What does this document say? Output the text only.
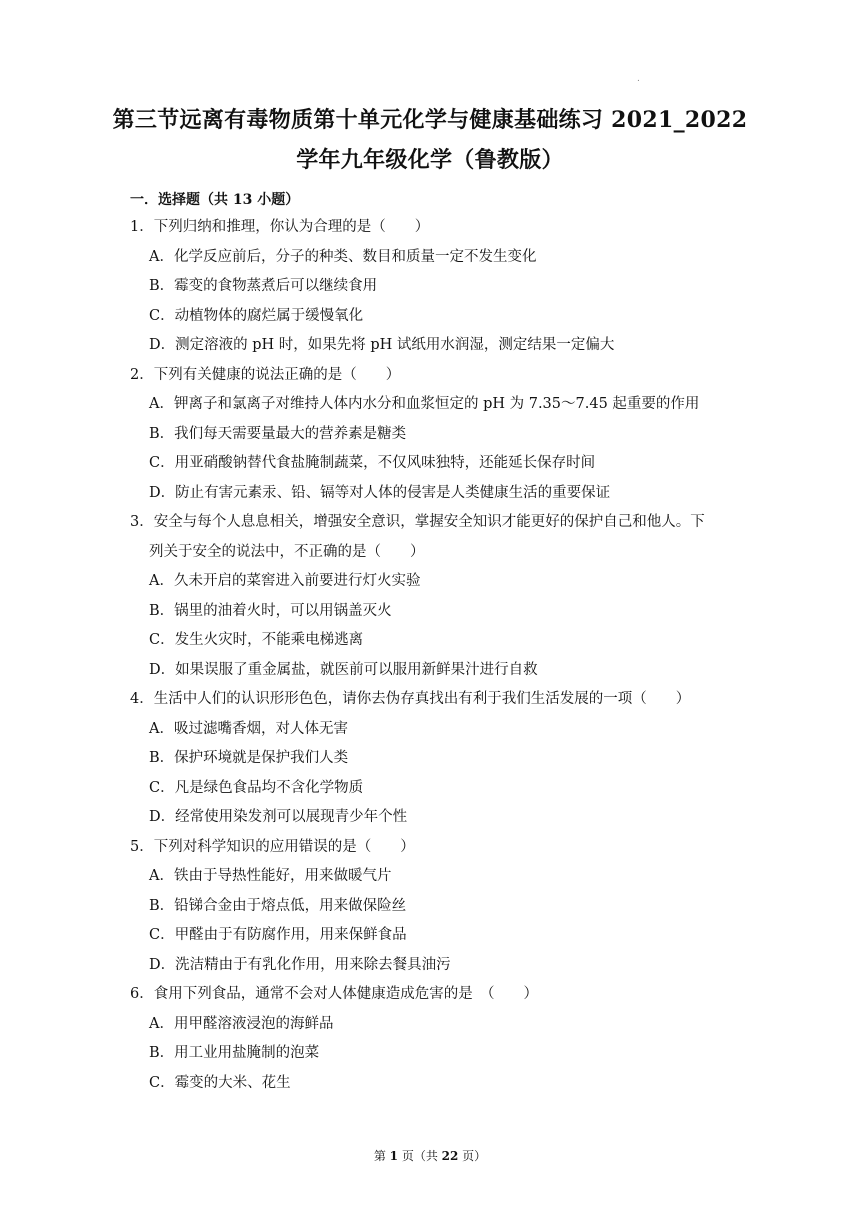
.
第三节远离有毒物质第十单元化学与健康基础练习 2021_2022
学年九年级化学（鲁教版）
一．选择题（共 13 小题）
1．下列归纳和推理，你认为合理的是（　　）
A．化学反应前后，分子的种类、数目和质量一定不发生变化
B．霉变的食物蒸煮后可以继续食用
C．动植物体的腐烂属于缓慢氧化
D．测定溶液的 pH 时，如果先将 pH 试纸用水润湿，测定结果一定偏大
2．下列有关健康的说法正确的是（　　）
A．钾离子和氯离子对维持人体内水分和血浆恒定的 pH 为 7.35～7.45 起重要的作用
B．我们每天需要量最大的营养素是糖类
C．用亚硝酸钠替代食盐腌制蔬菜，不仅风味独特，还能延长保存时间
D．防止有害元素汞、铅、镉等对人体的侵害是人类健康生活的重要保证
3．安全与每个人息息相关，增强安全意识，掌握安全知识才能更好的保护自己和他人。下
列关于安全的说法中，不正确的是（　　）
A．久未开启的菜窖进入前要进行灯火实验
B．锅里的油着火时，可以用锅盖灭火
C．发生火灾时，不能乘电梯逃离
D．如果误服了重金属盐，就医前可以服用新鲜果汁进行自救
4．生活中人们的认识形形色色，请你去伪存真找出有利于我们生活发展的一项（　　）
A．吸过滤嘴香烟，对人体无害
B．保护环境就是保护我们人类
C．凡是绿色食品均不含化学物质
D．经常使用染发剂可以展现青少年个性
5．下列对科学知识的应用错误的是（　　）
A．铁由于导热性能好，用来做暖气片
B．铅锑合金由于熔点低，用来做保险丝
C．甲醛由于有防腐作用，用来保鲜食品
D．洗洁精由于有乳化作用，用来除去餐具油污
6．食用下列食品，通常不会对人体健康造成危害的是　（　　）
A．用甲醛溶液浸泡的海鲜品
B．用工业用盐腌制的泡菜
C．霉变的大米、花生
第 1 页（共 22 页）
